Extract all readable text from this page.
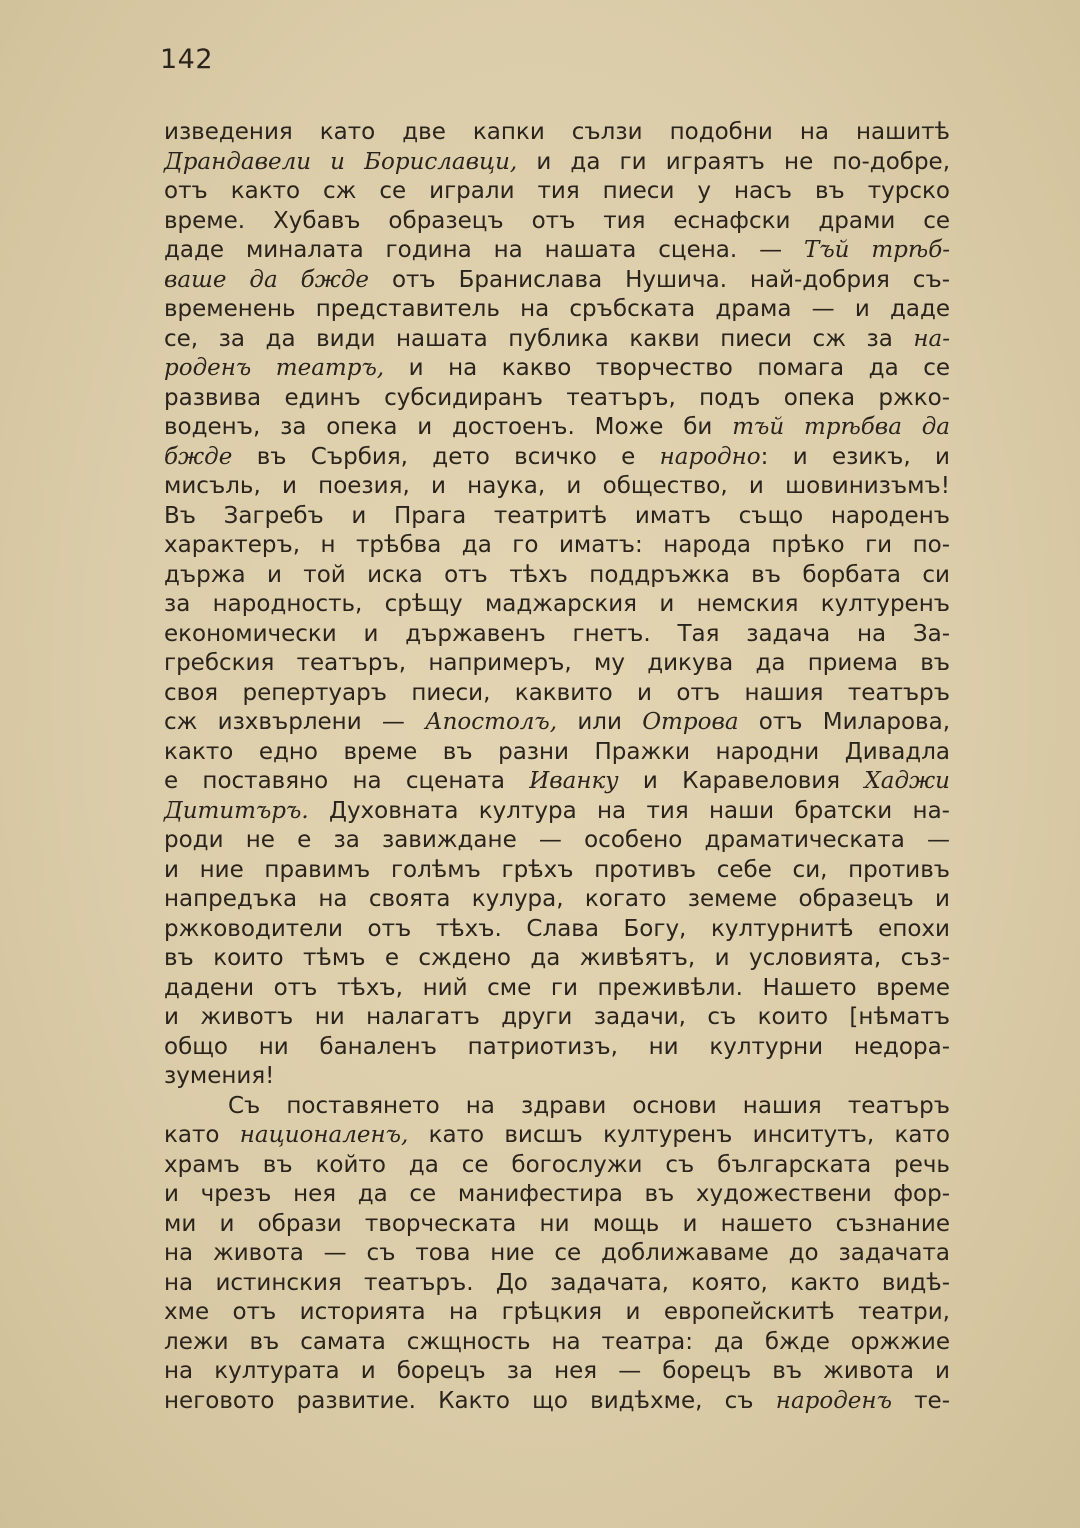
142
изведения като две капки сълзи подобни на нашитѣ
Драндавели и Бориславци, и да ги играятъ не по-добре,
отъ както сж се играли тия пиеси у насъ въ турско
време. Хубавъ образецъ отъ тия еснафски драми се
даде миналата година на нашата сцена. — Тъй трѣб-
ваше да бжде отъ Бранислава Нушича. най-добрия съ-
временень представитель на сръбската драма — и даде
се, за да види нашата публика какви пиеси сж за на-
роденъ театръ, и на какво творчество помага да се
развива единъ субсидиранъ театъръ, подъ опека ржко-
воденъ, за опека и достоенъ. Може би тъй трѣбва да
бжде въ Сърбия, дето всичко е народно: и езикъ, и
мисъль, и поезия, и наука, и общество, и шовинизъмъ!
Въ Загребъ и Прага театритѣ иматъ също народенъ
характеръ, н трѣбва да го иматъ: народа прѣко ги по-
държа и той иска отъ тѣхъ поддръжка въ борбата си
за народность, срѣщу маджарския и немския културенъ
економически и държавенъ гнетъ. Тая задача на За-
гребския театъръ, напримеръ, му дикува да приема въ
своя репертуаръ пиеси, каквито и отъ нашия театъръ
сж изхвърлени — Апостолъ, или Отрова отъ Миларова,
както едно време въ разни Пражки народни Дивадла
е поставяно на сцената Иванку и Каравеловия Хаджи
Дититъръ. Духовната култура на тия наши братски на-
роди не е за завиждане — особено драматическата —
и ние правимъ голѣмъ грѣхъ противъ себе си, противъ
напредъка на своята кулура, когато земеме образецъ и
ржководители отъ тѣхъ. Слава Богу, културнитѣ епохи
въ които тѣмъ е сждено да живѣятъ, и условията, съз-
дадени отъ тѣхъ, ний сме ги преживѣли. Нашето време
и животъ ни налагатъ други задачи, съ които [нѣматъ
общо ни баналенъ патриотизъ, ни културни недора-
зумения!
Съ поставянето на здрави основи нашия театъръ
като националенъ, като висшъ културенъ инситутъ, като
храмъ въ който да се богослужи съ българската речь
и чрезъ нея да се манифестира въ художествени фор-
ми и образи творческата ни мощь и нашето съзнание
на живота — съ това ние се доближаваме до задачата
на истинския театъръ. До задачата, която, както видѣ-
хме отъ историята на грѣцкия и европейскитѣ театри,
лежи въ самата сжщность на театра: да бжде оржжие
на културата и борецъ за нея — борецъ въ живота и
неговото развитие. Както що видѣхме, съ народенъ те-
